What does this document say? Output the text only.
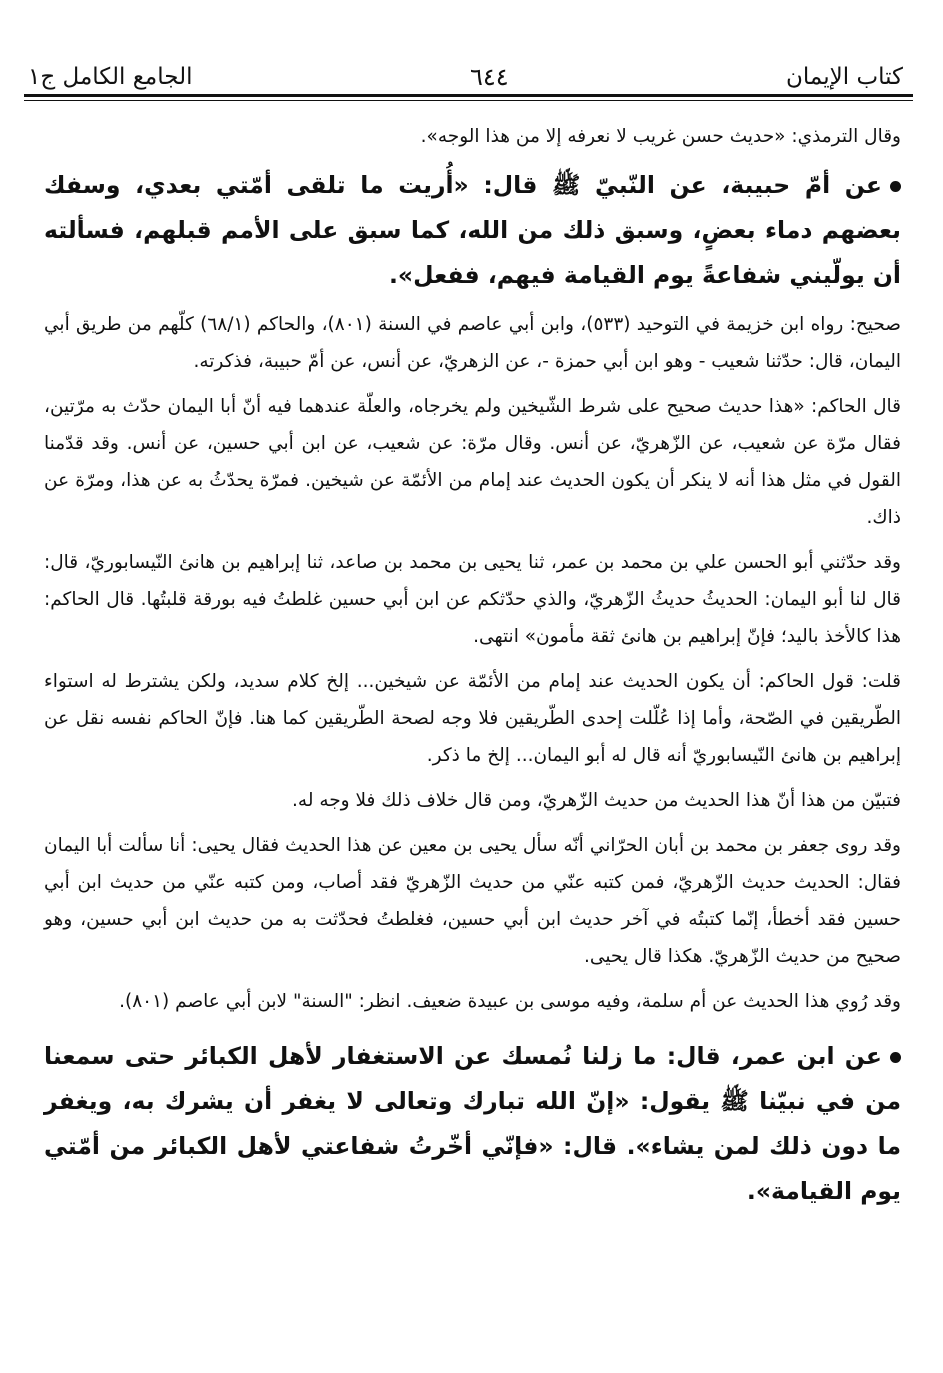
كتاب الإيمان
٦٤٤
الجامع الكامل ج١

وقال الترمذي: «حديث حسن غريب لا نعرفه إلا من هذا الوجه».

عن أمّ حبيبة، عن النّبيّ ﷺ قال: «أُريت ما تلقى أمّتي بعدي، وسفك بعضهم دماء بعضٍ، وسبق ذلك من الله، كما سبق على الأمم قبلهم، فسألته أن يولّيني شفاعةً يوم القيامة فيهم، ففعل».

صحيح: رواه ابن خزيمة في التوحيد (٥٣٣)، وابن أبي عاصم في السنة (٨٠١)، والحاكم (٦٨/١) كلّهم من طريق أبي اليمان، قال: حدّثنا شعيب - وهو ابن أبي حمزة -، عن الزهريّ، عن أنس، عن أمّ حبيبة، فذكرته.

قال الحاكم: «هذا حديث صحيح على شرط الشّيخين ولم يخرجاه، والعلّة عندهما فيه أنّ أبا اليمان حدّث به مرّتين، فقال مرّة عن شعيب، عن الزّهريّ، عن أنس. وقال مرّة: عن شعيب، عن ابن أبي حسين، عن أنس. وقد قدّمنا القول في مثل هذا أنه لا ينكر أن يكون الحديث عند إمام من الأئمّة عن شيخين. فمرّة يحدّثُ به عن هذا، ومرّة عن ذاك.

وقد حدّثني أبو الحسن علي بن محمد بن عمر، ثنا يحيى بن محمد بن صاعد، ثنا إبراهيم بن هانئ النّيسابوريّ، قال: قال لنا أبو اليمان: الحديثُ حديثُ الزّهريّ، والذي حدّثكم عن ابن أبي حسين غلطتُ فيه بورقة قلبتُها. قال الحاكم: هذا كالأخذ باليد؛ فإنّ إبراهيم بن هانئ ثقة مأمون» انتهى.

قلت: قول الحاكم: أن يكون الحديث عند إمام من الأئمّة عن شيخين... إلخ كلام سديد، ولكن يشترط له استواء الطّريقين في الصّحة، وأما إذا عُلّلت إحدى الطّريقين فلا وجه لصحة الطّريقين كما هنا. فإنّ الحاكم نفسه نقل عن إبراهيم بن هانئ النّيسابوريّ أنه قال له أبو اليمان... إلخ ما ذكر.

فتبيّن من هذا أنّ هذا الحديث من حديث الزّهريّ، ومن قال خلاف ذلك فلا وجه له.

وقد روى جعفر بن محمد بن أبان الحرّاني أنّه سأل يحيى بن معين عن هذا الحديث فقال يحيى: أنا سألت أبا اليمان فقال: الحديث حديث الزّهريّ، فمن كتبه عنّي من حديث الزّهريّ فقد أصاب، ومن كتبه عنّي من حديث ابن أبي حسين فقد أخطأ، إنّما كتبتُه في آخر حديث ابن أبي حسين، فغلطتُ فحدّثت به من حديث ابن أبي حسين، وهو صحيح من حديث الزّهريّ. هكذا قال يحيى.

وقد رُوي هذا الحديث عن أم سلمة، وفيه موسى بن عبيدة ضعيف. انظر: "السنة" لابن أبي عاصم (٨٠١).

عن ابن عمر، قال: ما زلنا نُمسك عن الاستغفار لأهل الكبائر حتى سمعنا من في نبيّنا ﷺ يقول: «إنّ الله تبارك وتعالى لا يغفر أن يشرك به، ويغفر ما دون ذلك لمن يشاء». قال: «فإنّي أخّرتُ شفاعتي لأهل الكبائر من أمّتي يوم القيامة».
